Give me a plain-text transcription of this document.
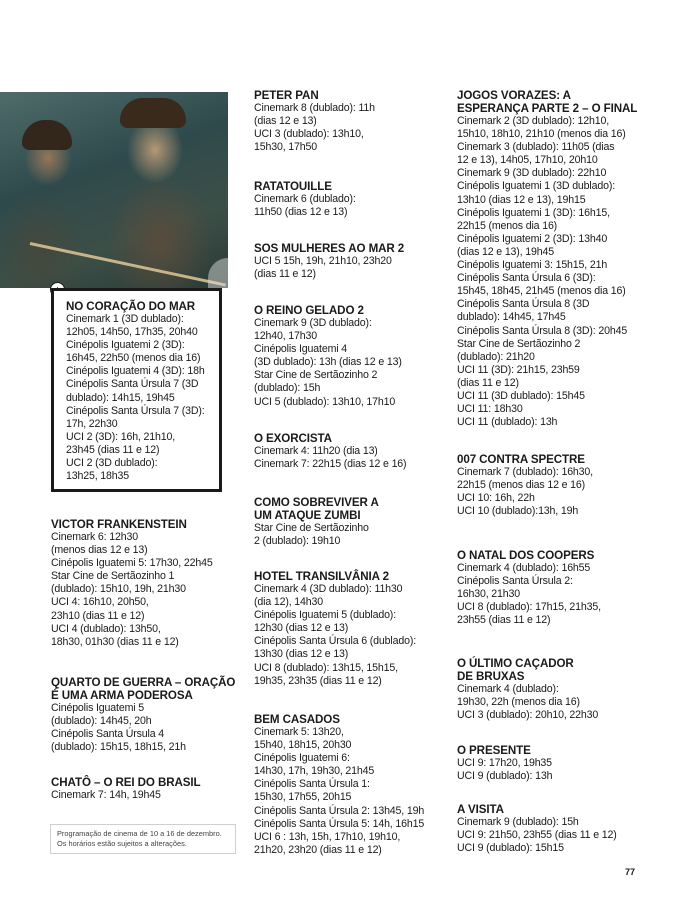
NO CORAÇÃO DO MAR
Cinemark 1 (3D dublado):
12h05, 14h50, 17h35, 20h40
Cinépolis Iguatemi 2 (3D):
16h45, 22h50 (menos dia 16)
Cinépolis Iguatemi 4 (3D): 18h
Cinépolis Santa Úrsula 7 (3D
dublado): 14h15, 19h45
Cinépolis Santa Úrsula 7 (3D):
17h, 22h30
UCI 2 (3D): 16h, 21h10,
23h45 (dias 11 e 12)
UCI 2 (3D dublado):
13h25, 18h35
VICTOR FRANKENSTEIN
Cinemark 6: 12h30
(menos dias 12 e 13)
Cinépolis Iguatemi 5: 17h30, 22h45
Star Cine de Sertãozinho 1
(dublado): 15h10, 19h, 21h30
UCI 4: 16h10, 20h50,
23h10 (dias 11 e 12)
UCI 4 (dublado): 13h50,
18h30, 01h30 (dias 11 e 12)
QUARTO DE GUERRA – ORAÇÃO
É UMA ARMA PODEROSA
Cinépolis Iguatemi 5
(dublado): 14h45, 20h
Cinépolis Santa Úrsula 4
(dublado): 15h15, 18h15, 21h
CHATÔ – O REI DO BRASIL
Cinemark 7: 14h, 19h45
Programação de cinema de 10 a 16 de dezembro.
Os horários estão sujeitos a alterações.
PETER PAN
Cinemark 8 (dublado): 11h
(dias 12 e 13)
UCI 3 (dublado): 13h10,
15h30, 17h50
RATATOUILLE
Cinemark 6 (dublado):
11h50 (dias 12 e 13)
SOS MULHERES AO MAR 2
UCI 5 15h, 19h, 21h10, 23h20
(dias 11 e 12)
O REINO GELADO 2
Cinemark 9 (3D dublado):
12h40, 17h30
Cinépolis Iguatemi 4
(3D dublado): 13h (dias 12 e 13)
Star Cine de Sertãozinho 2
(dublado): 15h
UCI 5 (dublado): 13h10, 17h10
O EXORCISTA
Cinemark 4: 11h20 (dia 13)
Cinemark 7: 22h15 (dias 12 e 16)
COMO SOBREVIVER A
UM ATAQUE ZUMBI
Star Cine de Sertãozinho
2 (dublado): 19h10
HOTEL TRANSILVÂNIA 2
Cinemark 4 (3D dublado): 11h30
(dia 12), 14h30
Cinépolis Iguatemi 5 (dublado):
12h30 (dias 12 e 13)
Cinépolis Santa Úrsula 6 (dublado):
13h30 (dias 12 e 13)
UCI 8 (dublado): 13h15, 15h15,
19h35, 23h35 (dias 11 e 12)
BEM CASADOS
Cinemark 5: 13h20,
15h40, 18h15, 20h30
Cinépolis Iguatemi 6:
14h30, 17h, 19h30, 21h45
Cinépolis Santa Úrsula 1:
15h30, 17h55, 20h15
Cinépolis Santa Úrsula 2: 13h45, 19h
Cinépolis Santa Úrsula 5: 14h, 16h15
UCI 6 : 13h, 15h, 17h10, 19h10,
21h20, 23h20 (dias 11 e 12)
JOGOS VORAZES: A
ESPERANÇA PARTE 2 – O FINAL
Cinemark 2 (3D dublado): 12h10,
15h10, 18h10, 21h10 (menos dia 16)
Cinemark 3 (dublado): 11h05 (dias
12 e 13), 14h05, 17h10, 20h10
Cinemark 9 (3D dublado): 22h10
Cinépolis Iguatemi 1 (3D dublado):
13h10 (dias 12 e 13), 19h15
Cinépolis Iguatemi 1 (3D): 16h15,
22h15 (menos dia 16)
Cinépolis Iguatemi 2 (3D): 13h40
(dias 12 e 13), 19h45
Cinépolis Iguatemi 3: 15h15, 21h
Cinépolis Santa Úrsula 6 (3D):
15h45, 18h45, 21h45 (menos dia 16)
Cinépolis Santa Úrsula 8 (3D
dublado): 14h45, 17h45
Cinépolis Santa Úrsula 8 (3D): 20h45
Star Cine de Sertãozinho 2
(dublado): 21h20
UCI 11 (3D): 21h15, 23h59
(dias 11 e 12)
UCI 11 (3D dublado): 15h45
UCI 11: 18h30
UCI 11 (dublado): 13h
007 CONTRA SPECTRE
Cinemark 7 (dublado): 16h30,
22h15 (menos dias 12 e 16)
UCI 10: 16h, 22h
UCI 10 (dublado):13h, 19h
O NATAL DOS COOPERS
Cinemark 4 (dublado): 16h55
Cinépolis Santa Úrsula 2:
16h30, 21h30
UCI 8 (dublado): 17h15, 21h35,
23h55 (dias 11 e 12)
O ÚLTIMO CAÇADOR
DE BRUXAS
Cinemark 4 (dublado):
19h30, 22h (menos dia 16)
UCI 3 (dublado): 20h10, 22h30
O PRESENTE
UCI 9: 17h20, 19h35
UCI 9 (dublado): 13h
A VISITA
Cinemark 9 (dublado): 15h
UCI 9: 21h50, 23h55 (dias 11 e 12)
UCI 9 (dublado): 15h15
77
